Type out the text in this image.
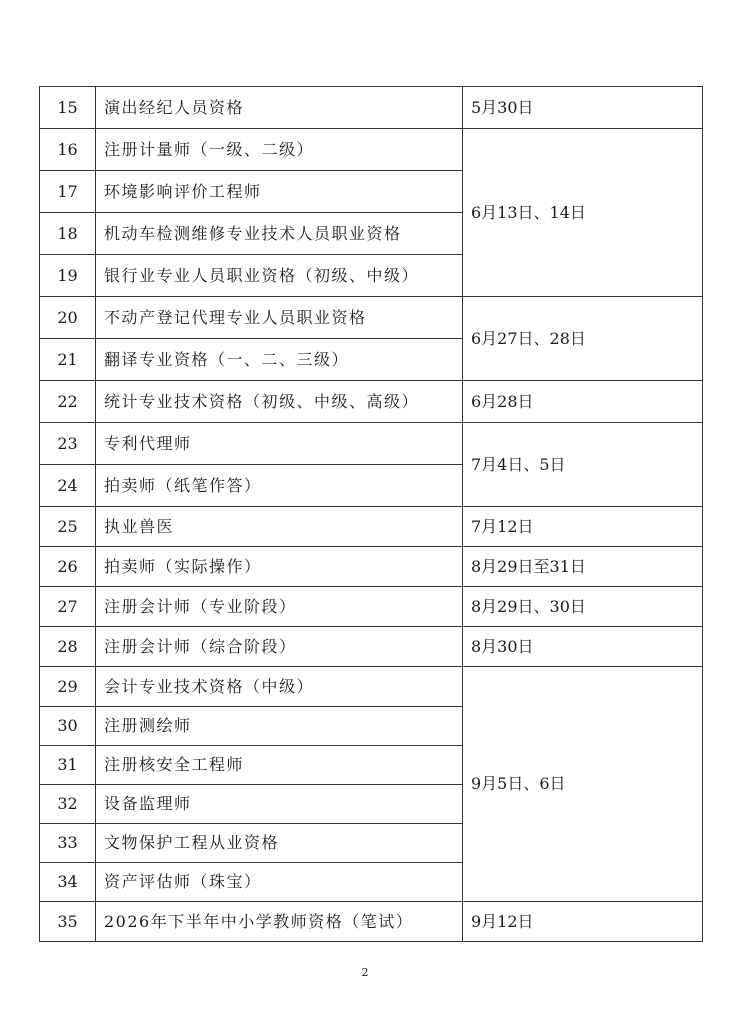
15	演出经纪人员资格	5月30日
16	注册计量师（一级、二级）	6月13日、14日
17	环境影响评价工程师	
18	机动车检测维修专业技术人员职业资格	
19	银行业专业人员职业资格（初级、中级）	
20	不动产登记代理专业人员职业资格	6月27日、28日
21	翻译专业资格（一、二、三级）	
22	统计专业技术资格（初级、中级、高级）	6月28日
23	专利代理师	7月4日、5日
24	拍卖师（纸笔作答）	
25	执业兽医	7月12日
26	拍卖师（实际操作）	8月29日至31日
27	注册会计师（专业阶段）	8月29日、30日
28	注册会计师（综合阶段）	8月30日
29	会计专业技术资格（中级）	9月5日、6日
30	注册测绘师	
31	注册核安全工程师	
32	设备监理师	
33	文物保护工程从业资格	
34	资产评估师（珠宝）	
35	2026年下半年中小学教师资格（笔试）	9月12日
2
